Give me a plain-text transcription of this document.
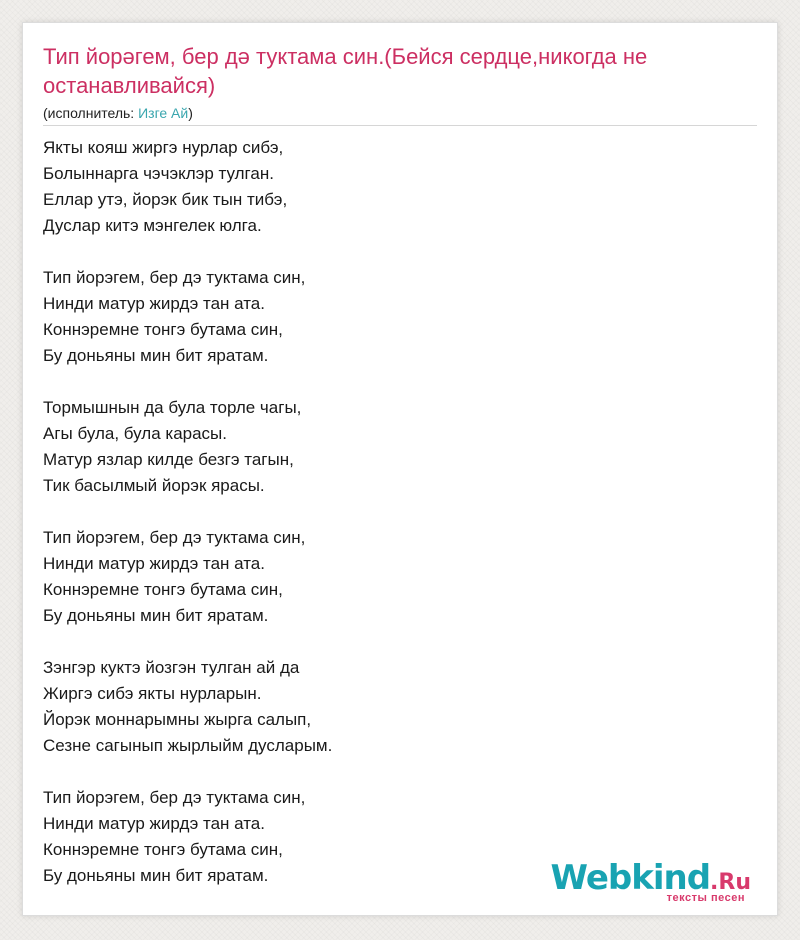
Тип йорәгем, бер дә туктама син.(Бейся сердце,никогда не останавливайся)
(исполнитель: Изге Ай)

Якты кояш жиргэ нурлар сибэ,
Болыннарга чэчэклэр тулган.
Еллар утэ, йорэк бик тын тибэ,
Дуслар китэ мэнгелек юлга.

Тип йорэгем, бер дэ туктама син,
Нинди матур жирдэ тан ата.
Коннэремне тонгэ бутама син,
Бу доньяны мин бит яратам.

Тормышнын да була торле чагы,
Агы була, була карасы.
Матур язлар килде безгэ тагын,
Тик басылмый йорэк ярасы.

Тип йорэгем, бер дэ туктама син,
Нинди матур жирдэ тан ата.
Коннэремне тонгэ бутама син,
Бу доньяны мин бит яратам.

Зэнгэр куктэ йозгэн тулган ай да
Жиргэ сибэ якты нурларын.
Йорэк моннарымны жырга салып,
Сезне сагынып жырлыйм дусларым.

Тип йорэгем, бер дэ туктама син,
Нинди матур жирдэ тан ата.
Коннэремне тонгэ бутама син,
Бу доньяны мин бит яратам.	Webkind.Ru
тексты песен
